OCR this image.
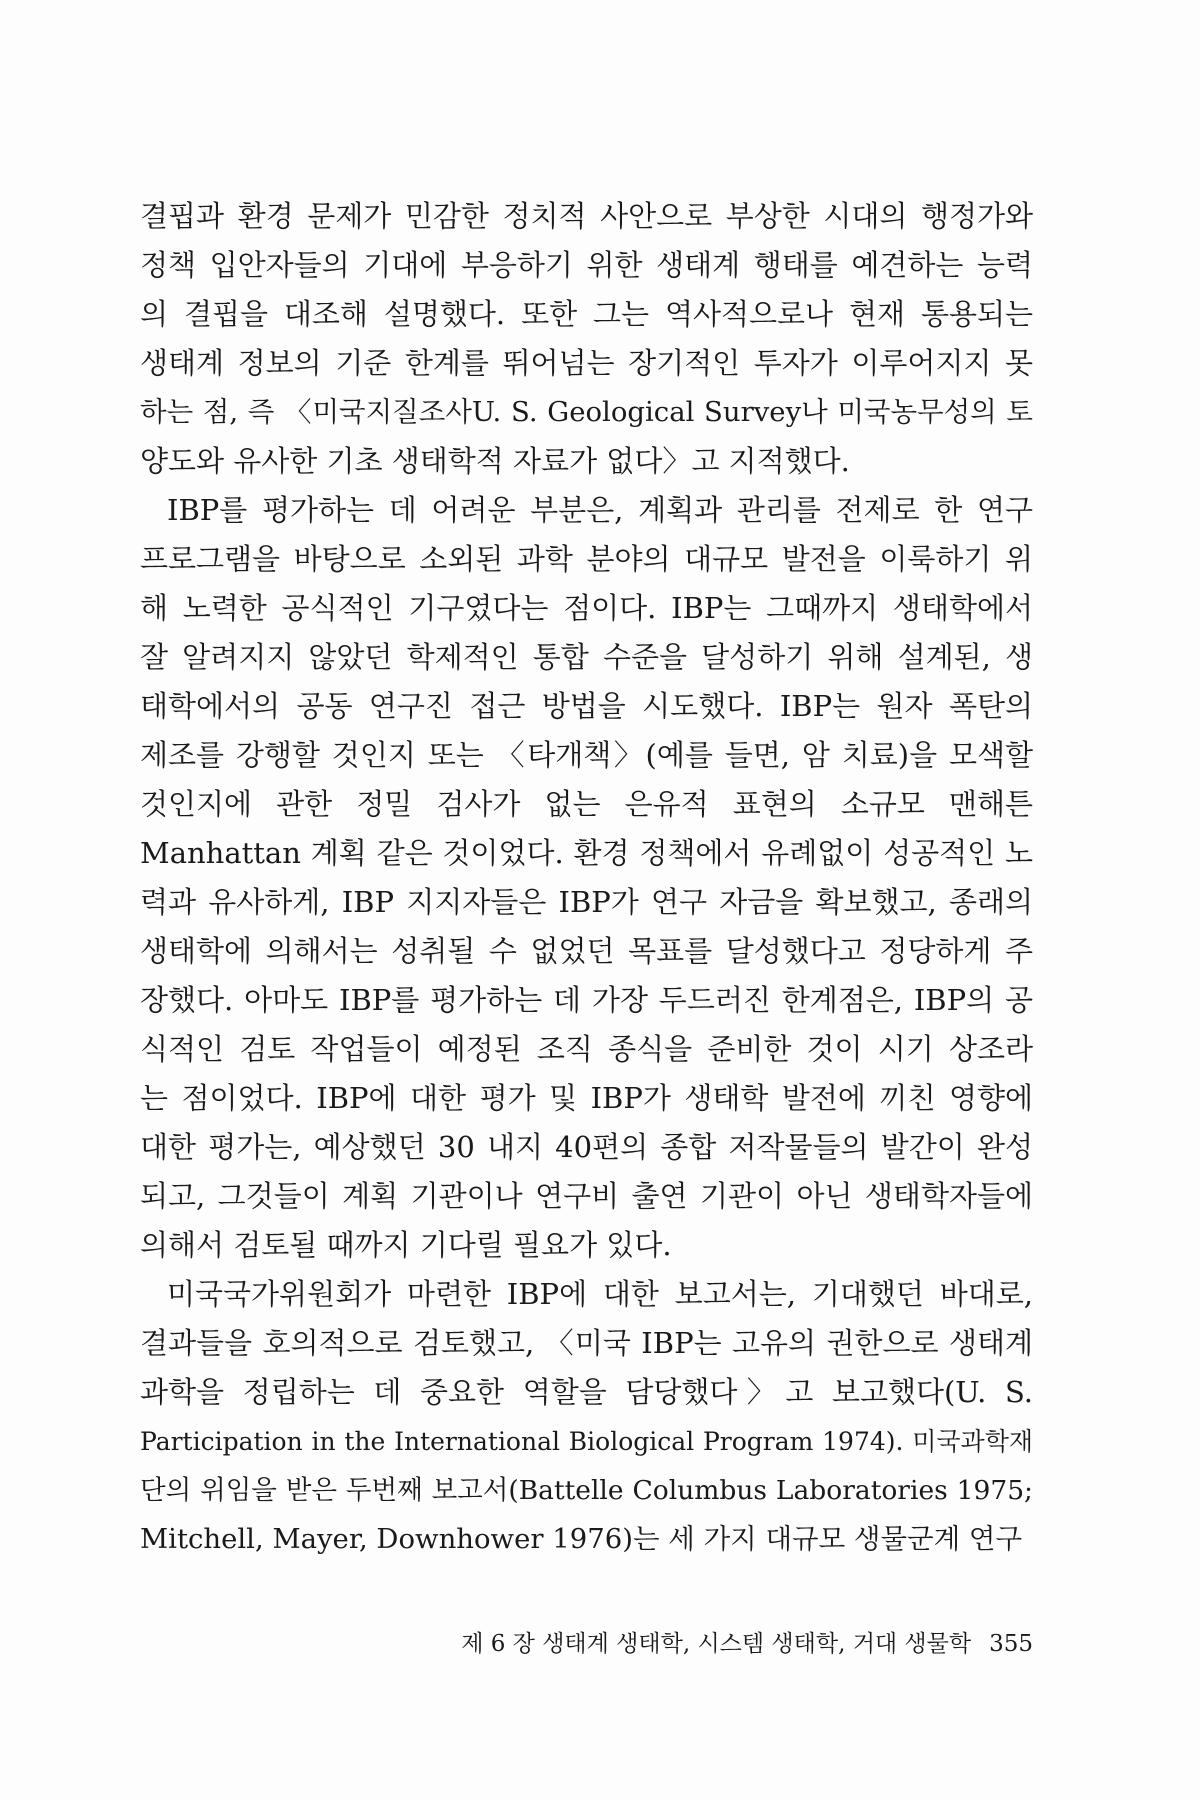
결핍과 환경 문제가 민감한 정치적 사안으로 부상한 시대의 행정가와
정책 입안자들의 기대에 부응하기 위한 생태계 행태를 예견하는 능력
의 결핍을 대조해 설명했다. 또한 그는 역사적으로나 현재 통용되는
생태계 정보의 기준 한계를 뛰어넘는 장기적인 투자가 이루어지지 못
하는 점, 즉 〈미국지질조사U. S. Geological Survey나 미국농무성의 토
양도와 유사한 기초 생태학적 자료가 없다〉고 지적했다.
IBP를 평가하는 데 어려운 부분은, 계획과 관리를 전제로 한 연구
프로그램을 바탕으로 소외된 과학 분야의 대규모 발전을 이룩하기 위
해 노력한 공식적인 기구였다는 점이다. IBP는 그때까지 생태학에서
잘 알려지지 않았던 학제적인 통합 수준을 달성하기 위해 설계된, 생
태학에서의 공동 연구진 접근 방법을 시도했다. IBP는 원자 폭탄의
제조를 강행할 것인지 또는 〈타개책〉(예를 들면, 암 치료)을 모색할
것인지에 관한 정밀 검사가 없는 은유적 표현의 소규모 맨해튼
Manhattan 계획 같은 것이었다. 환경 정책에서 유례없이 성공적인 노
력과 유사하게, IBP 지지자들은 IBP가 연구 자금을 확보했고, 종래의
생태학에 의해서는 성취될 수 없었던 목표를 달성했다고 정당하게 주
장했다. 아마도 IBP를 평가하는 데 가장 두드러진 한계점은, IBP의 공
식적인 검토 작업들이 예정된 조직 종식을 준비한 것이 시기 상조라
는 점이었다. IBP에 대한 평가 및 IBP가 생태학 발전에 끼친 영향에
대한 평가는, 예상했던 30 내지 40편의 종합 저작물들의 발간이 완성
되고, 그것들이 계획 기관이나 연구비 출연 기관이 아닌 생태학자들에
의해서 검토될 때까지 기다릴 필요가 있다.
미국국가위원회가 마련한 IBP에 대한 보고서는, 기대했던 바대로,
결과들을 호의적으로 검토했고, 〈미국 IBP는 고유의 권한으로 생태계
과학을 정립하는 데 중요한 역할을 담당했다〉고 보고했다(U. S.
Participation in the International Biological Program 1974). 미국과학재
단의 위임을 받은 두번째 보고서(Battelle Columbus Laboratories 1975;
Mitchell, Mayer, Downhower 1976)는 세 가지 대규모 생물군계 연구
제 6 장 생태계 생태학, 시스템 생태학, 거대 생물학 355
